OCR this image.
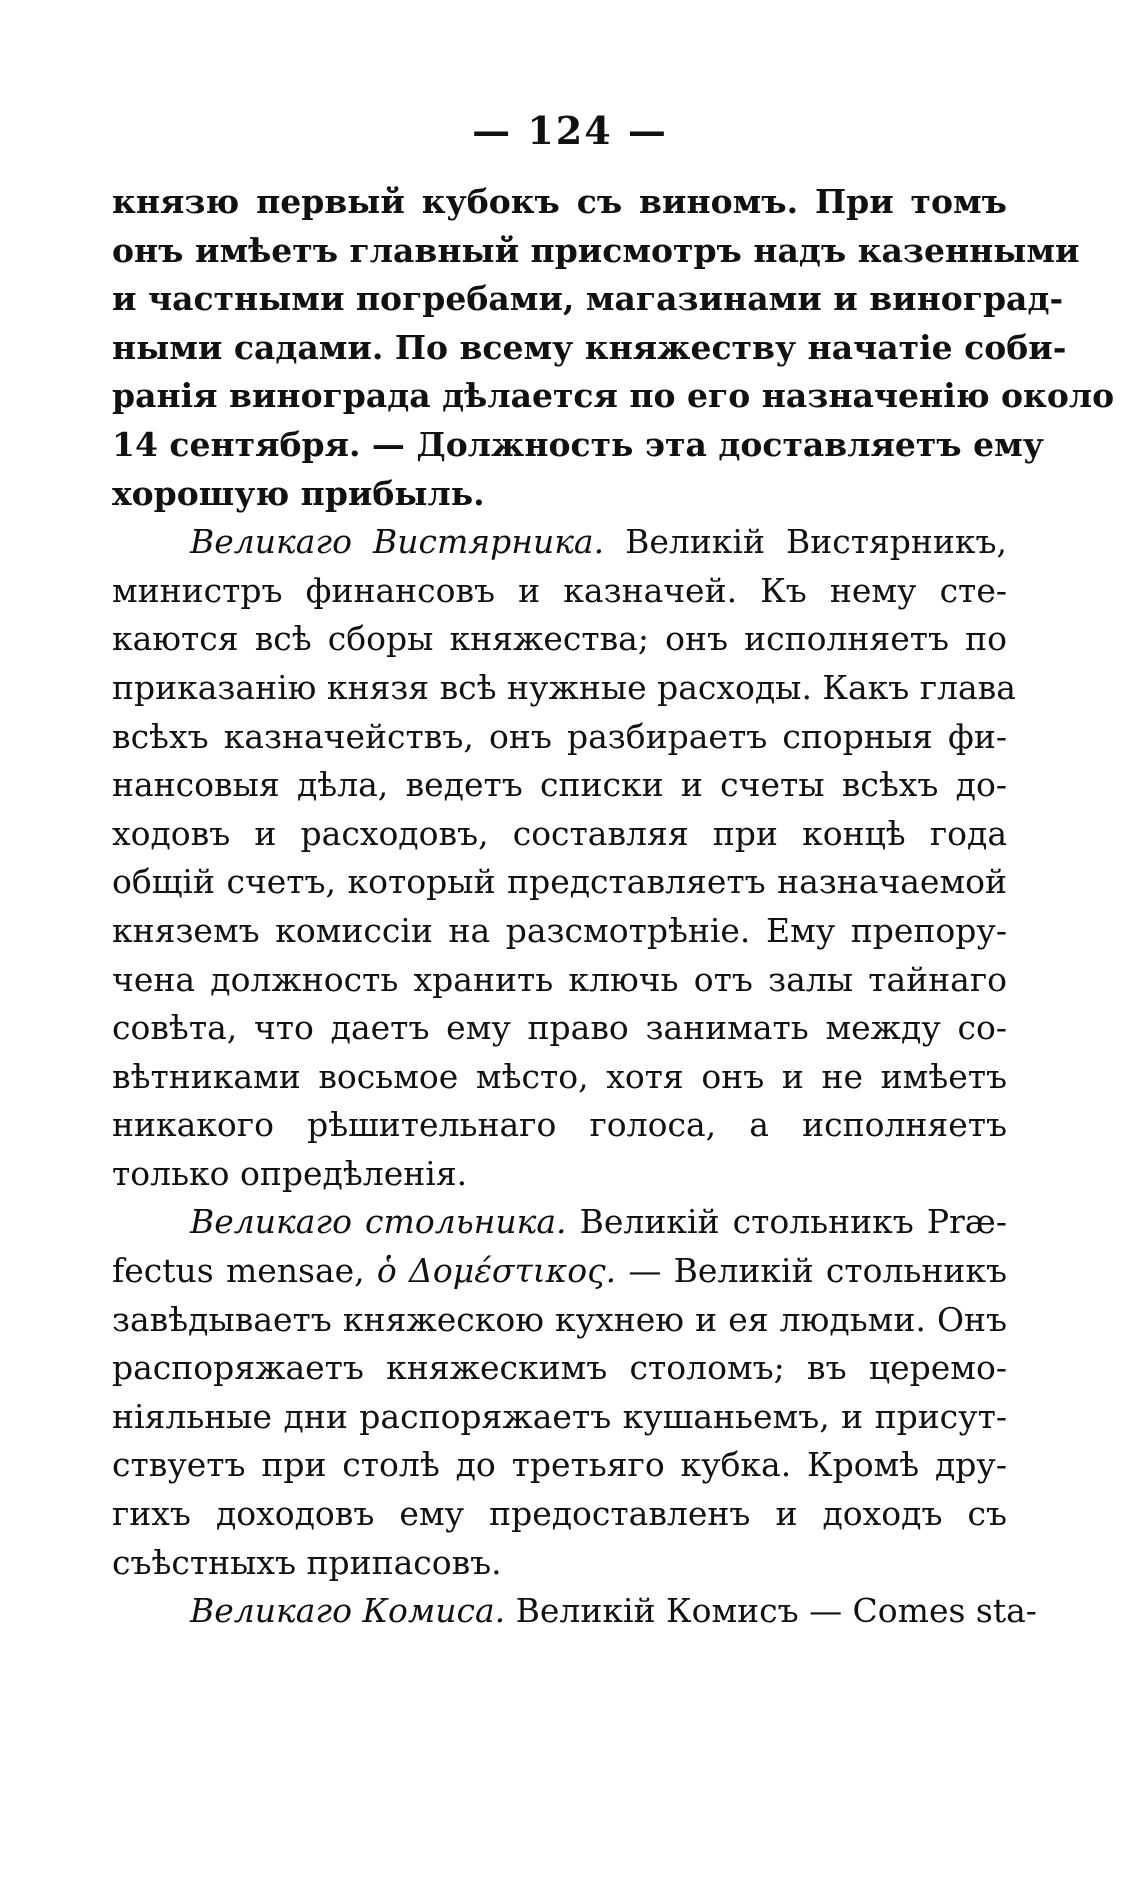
— 124 —
князю первый кубокъ съ виномъ. При томъ
онъ имѣетъ главный присмотръ надъ казенными
и частными погребами, магазинами и виноград-
ными садами. По всему княжеству начатіе соби-
ранія винограда дѣлается по его назначенію около
14 сентября. — Должность эта доставляетъ ему
хорошую прибыль.
Великаго Вистярника. Великій Вистярникъ,
министръ финансовъ и казначей. Къ нему сте-
каются всѣ сборы княжества; онъ исполняетъ по
приказанію князя всѣ нужные расходы. Какъ глава
всѣхъ казначействъ, онъ разбираетъ спорныя фи-
нансовыя дѣла, ведетъ списки и счеты всѣхъ до-
ходовъ и расходовъ, составляя при концѣ года
общій счетъ, который представляетъ назначаемой
княземъ комиссіи на разсмотрѣніе. Ему препору-
чена должность хранить ключь отъ залы тайнаго
совѣта, что даетъ ему право занимать между со-
вѣтниками восьмое мѣсто, хотя онъ и не имѣетъ
никакого рѣшительнаго голоса, а исполняетъ
только опредѣленія.
Великаго стольника. Великій стольникъ Præ-
fectus mensae, ὁ Δομέστικος. — Великій стольникъ
завѣдываетъ княжескою кухнею и ея людьми. Онъ
распоряжаетъ княжескимъ столомъ; въ церемо-
ніяльные дни распоряжаетъ кушаньемъ, и присут-
ствуетъ при столѣ до третьяго кубка. Кромѣ дру-
гихъ доходовъ ему предоставленъ и доходъ съ
съѣстныхъ припасовъ.
Великаго Комиса. Великій Комисъ — Comes sta-
